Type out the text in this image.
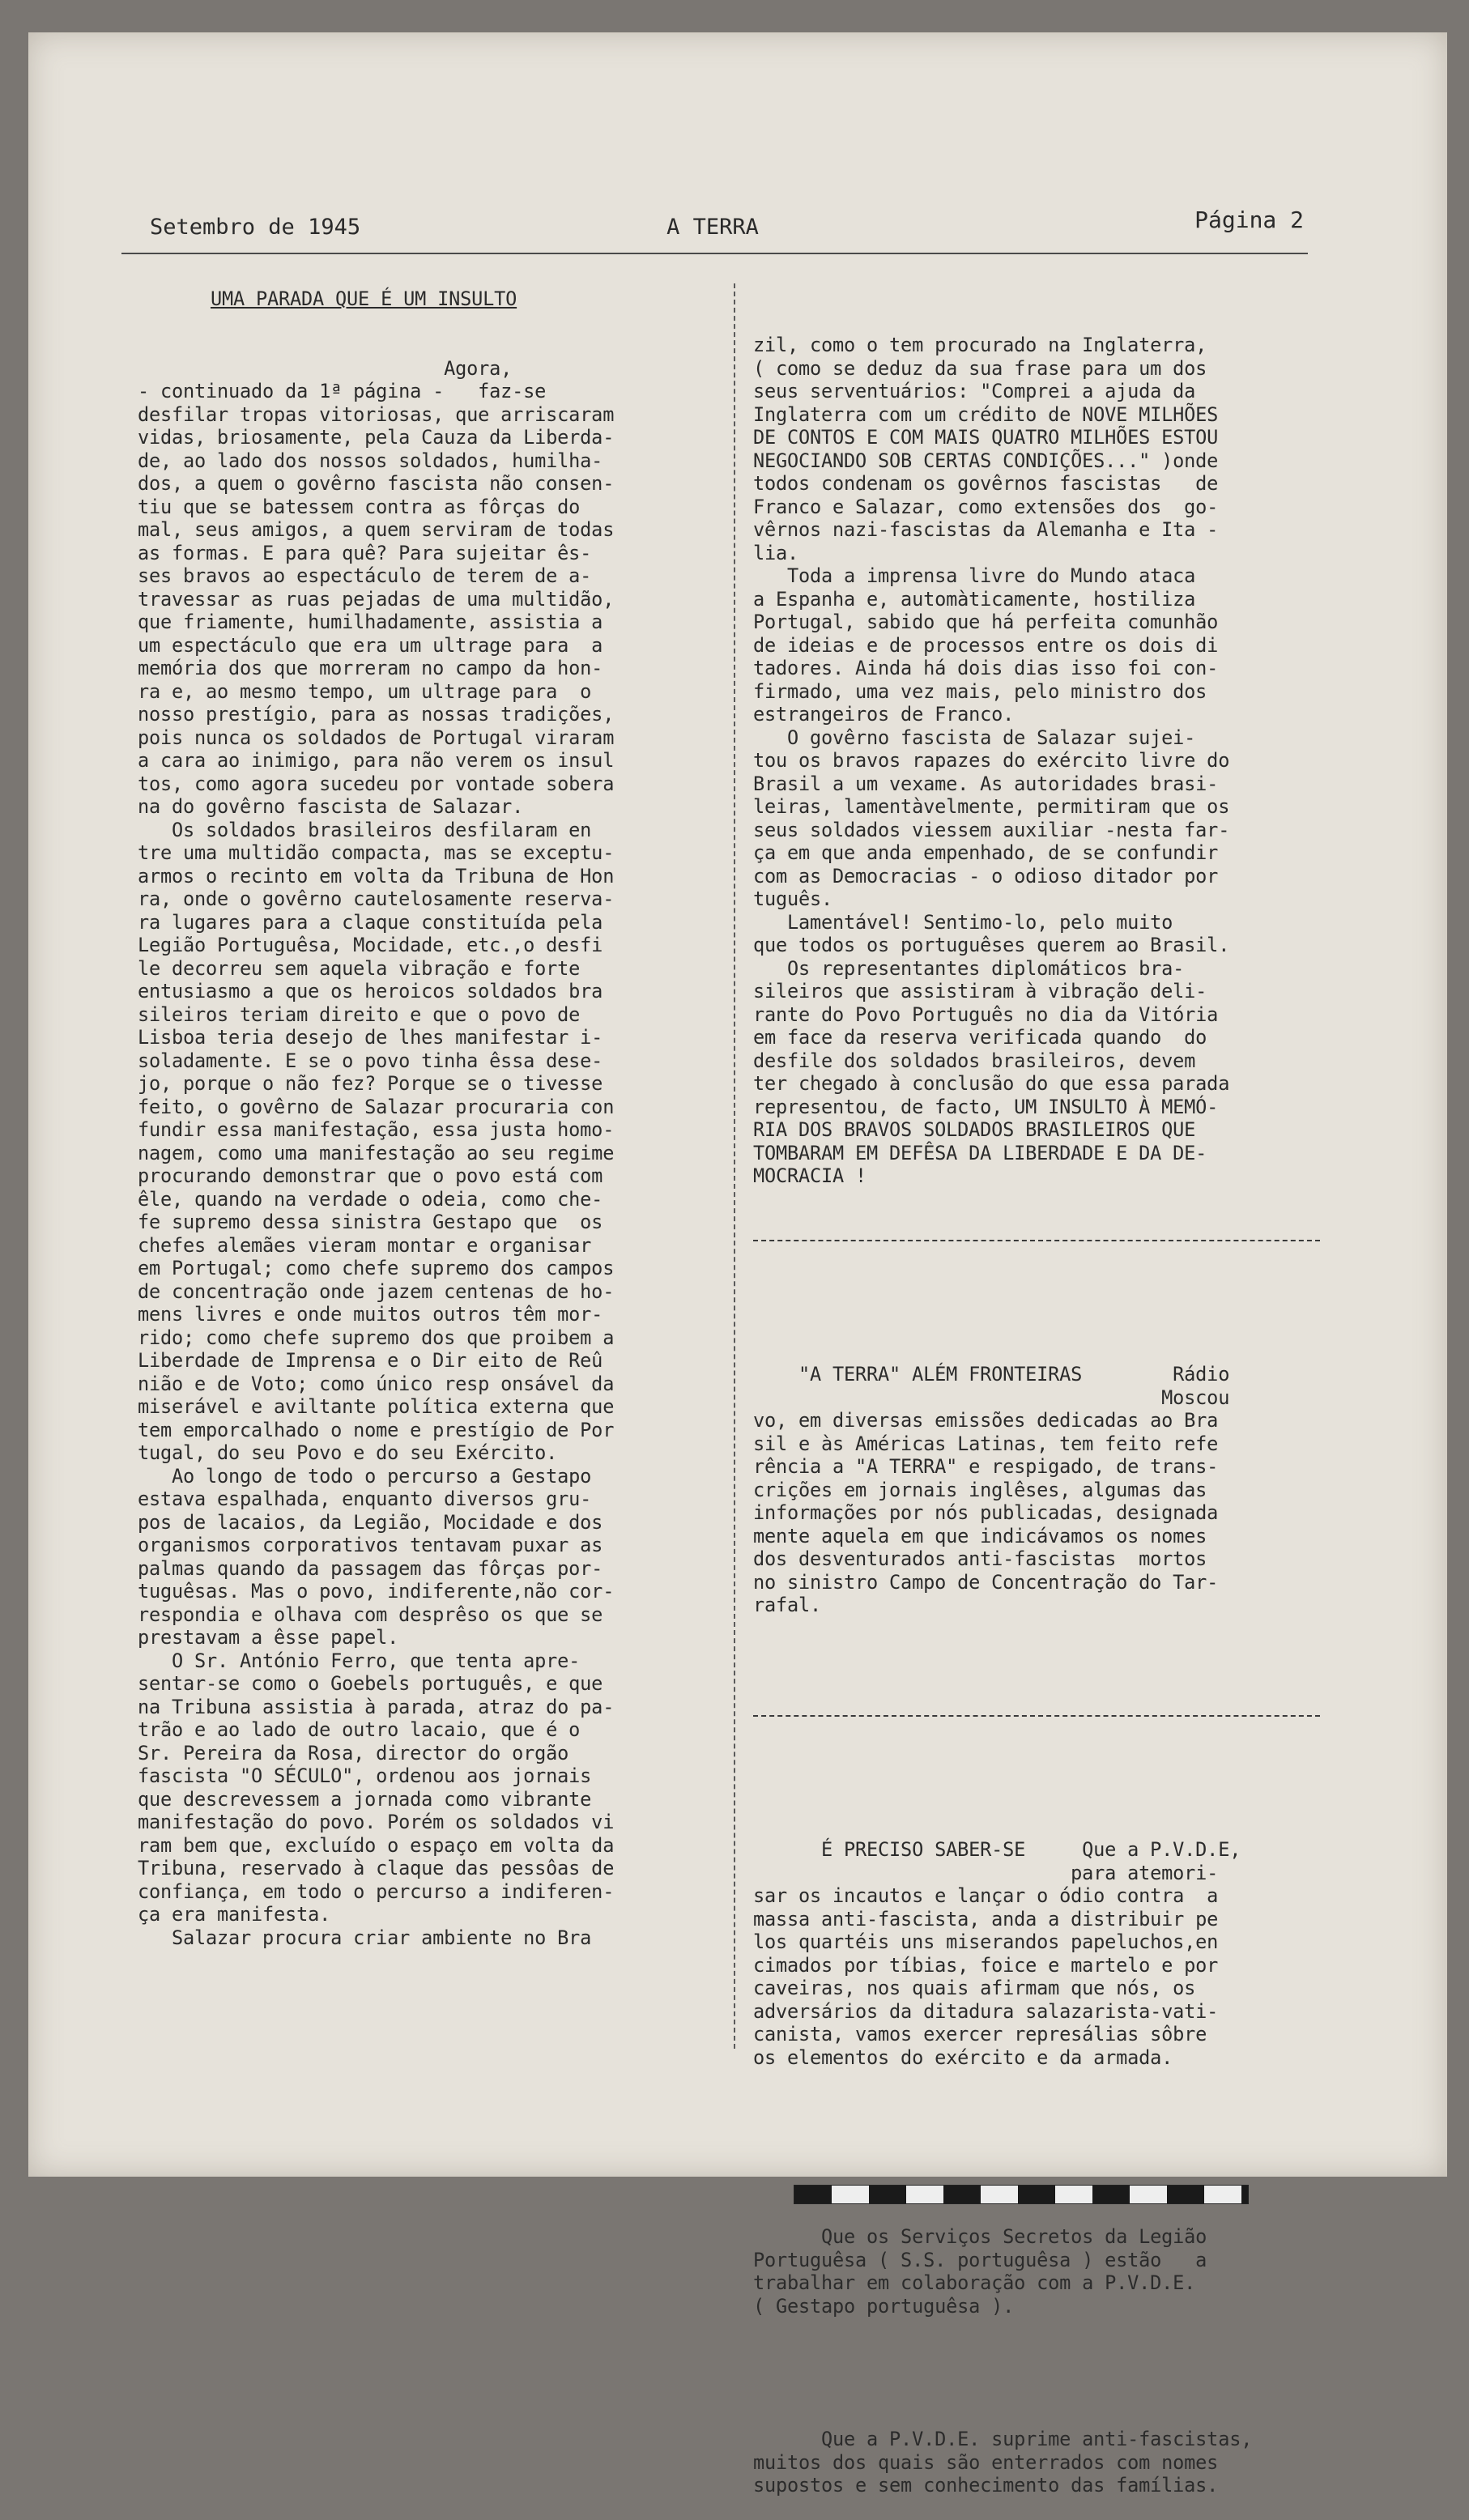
Setembro de 1945	A TERRA	Página 2

UMA PARADA QUE É UM INSULTO

Agora,
- continuado da 1ª página -   faz-se
desfilar tropas vitoriosas, que arriscaram
vidas, briosamente, pela Cauza da Liberda-
de, ao lado dos nossos soldados, humilha-
dos, a quem o govêrno fascista não consen-
tiu que se batessem contra as fôrças do
mal, seus amigos, a quem serviram de todas
as formas. E para quê? Para sujeitar ês-
ses bravos ao espectáculo de terem de a-
travessar as ruas pejadas de uma multidão,
que friamente, humilhadamente, assistia a
um espectáculo que era um ultrage para  a
memória dos que morreram no campo da hon-
ra e, ao mesmo tempo, um ultrage para  o
nosso prestígio, para as nossas tradições,
pois nunca os soldados de Portugal viraram
a cara ao inimigo, para não verem os insul
tos, como agora sucedeu por vontade sobera
na do govêrno fascista de Salazar.
Os soldados brasileiros desfilaram en
tre uma multidão compacta, mas se exceptu-
armos o recinto em volta da Tribuna de Hon
ra, onde o govêrno cautelosamente reserva-
ra lugares para a claque constituída pela
Legião Portuguêsa, Mocidade, etc.,o desfi
le decorreu sem aquela vibração e forte
entusiasmo a que os heroicos soldados bra
sileiros teriam direito e que o povo de
Lisboa teria desejo de lhes manifestar i-
soladamente. E se o povo tinha êssa dese-
jo, porque o não fez? Porque se o tivesse
feito, o govêrno de Salazar procuraria con
fundir essa manifestação, essa justa homo-
nagem, como uma manifestação ao seu regime
procurando demonstrar que o povo está com
êle, quando na verdade o odeia, como che-
fe supremo dessa sinistra Gestapo que  os
chefes alemães vieram montar e organisar
em Portugal; como chefe supremo dos campos
de concentração onde jazem centenas de ho-
mens livres e onde muitos outros têm mor-
rido; como chefe supremo dos que proibem a
Liberdade de Imprensa e o Dir eito de Reû
nião e de Voto; como único resp onsável da
miserável e aviltante política externa que
tem emporcalhado o nome e prestígio de Por
tugal, do seu Povo e do seu Exército.
Ao longo de todo o percurso a Gestapo
estava espalhada, enquanto diversos gru-
pos de lacaios, da Legião, Mocidade e dos
organismos corporativos tentavam puxar as
palmas quando da passagem das fôrças por-
tuguêsas. Mas o povo, indiferente,não cor-
respondia e olhava com desprêso os que se
prestavam a êsse papel.
O Sr. António Ferro, que tenta apre-
sentar-se como o Goebels português, e que
na Tribuna assistia à parada, atraz do pa-
trão e ao lado de outro lacaio, que é o
Sr. Pereira da Rosa, director do orgão
fascista "O SÉCULO", ordenou aos jornais
que descrevessem a jornada como vibrante
manifestação do povo. Porém os soldados vi
ram bem que, excluído o espaço em volta da
Tribuna, reservado à claque das pessôas de
confiança, em todo o percurso a indiferen-
ça era manifesta.
Salazar procura criar ambiente no Bra

zil, como o tem procurado na Inglaterra,
( como se deduz da sua frase para um dos
seus serventuários: "Comprei a ajuda da
Inglaterra com um crédito de NOVE MILHÕES
DE CONTOS E COM MAIS QUATRO MILHÕES ESTOU
NEGOCIANDO SOB CERTAS CONDIÇÕES..." )onde
todos condenam os govêrnos fascistas   de
Franco e Salazar, como extensões dos  go-
vêrnos nazi-fascistas da Alemanha e Ita -
lia.
Toda a imprensa livre do Mundo ataca
a Espanha e, automàticamente, hostiliza
Portugal, sabido que há perfeita comunhão
de ideias e de processos entre os dois di
tadores. Ainda há dois dias isso foi con-
firmado, uma vez mais, pelo ministro dos
estrangeiros de Franco.
O govêrno fascista de Salazar sujei-
tou os bravos rapazes do exército livre do
Brasil a um vexame. As autoridades brasi-
leiras, lamentàvelmente, permitiram que os
seus soldados viessem auxiliar -nesta far-
ça em que anda empenhado, de se confundir
com as Democracias - o odioso ditador por
tuguês.
Lamentável! Sentimo-lo, pelo muito
que todos os portuguêses querem ao Brasil.
Os representantes diplomáticos bra-
sileiros que assistiram à vibração deli-
rante do Povo Português no dia da Vitória
em face da reserva verificada quando  do
desfile dos soldados brasileiros, devem
ter chegado à conclusão do que essa parada
representou, de facto, UM INSULTO À MEMÓ-
RIA DOS BRAVOS SOLDADOS BRASILEIROS QUE
TOMBARAM EM DEFÊSA DA LIBERDADE E DA DE-
MOCRACIA !

"A TERRA" ALÉM FRONTEIRAS        Rádio
Moscou
vo, em diversas emissões dedicadas ao Bra
sil e às Américas Latinas, tem feito refe
rência a "A TERRA" e respigado, de trans-
crições em jornais inglêses, algumas das
informações por nós publicadas, designada
mente aquela em que indicávamos os nomes
dos desventurados anti-fascistas  mortos
no sinistro Campo de Concentração do Tar-
rafal.

É PRECISO SABER-SE     Que a P.V.D.E,
para atemori-
sar os incautos e lançar o ódio contra  a
massa anti-fascista, anda a distribuir pe
los quartéis uns miserandos papeluchos,en
cimados por tíbias, foice e martelo e por
caveiras, nos quais afirmam que nós, os
adversários da ditadura salazarista-vati-
canista, vamos exercer represálias sôbre
os elementos do exército e da armada.

Que os Serviços Secretos da Legião
Portuguêsa ( S.S. portuguêsa ) estão   a
trabalhar em colaboração com a P.V.D.E.
( Gestapo portuguêsa ).

Que a P.V.D.E. suprime anti-fascistas,
muitos dos quais são enterrados com nomes
supostos e sem conhecimento das famílias.
